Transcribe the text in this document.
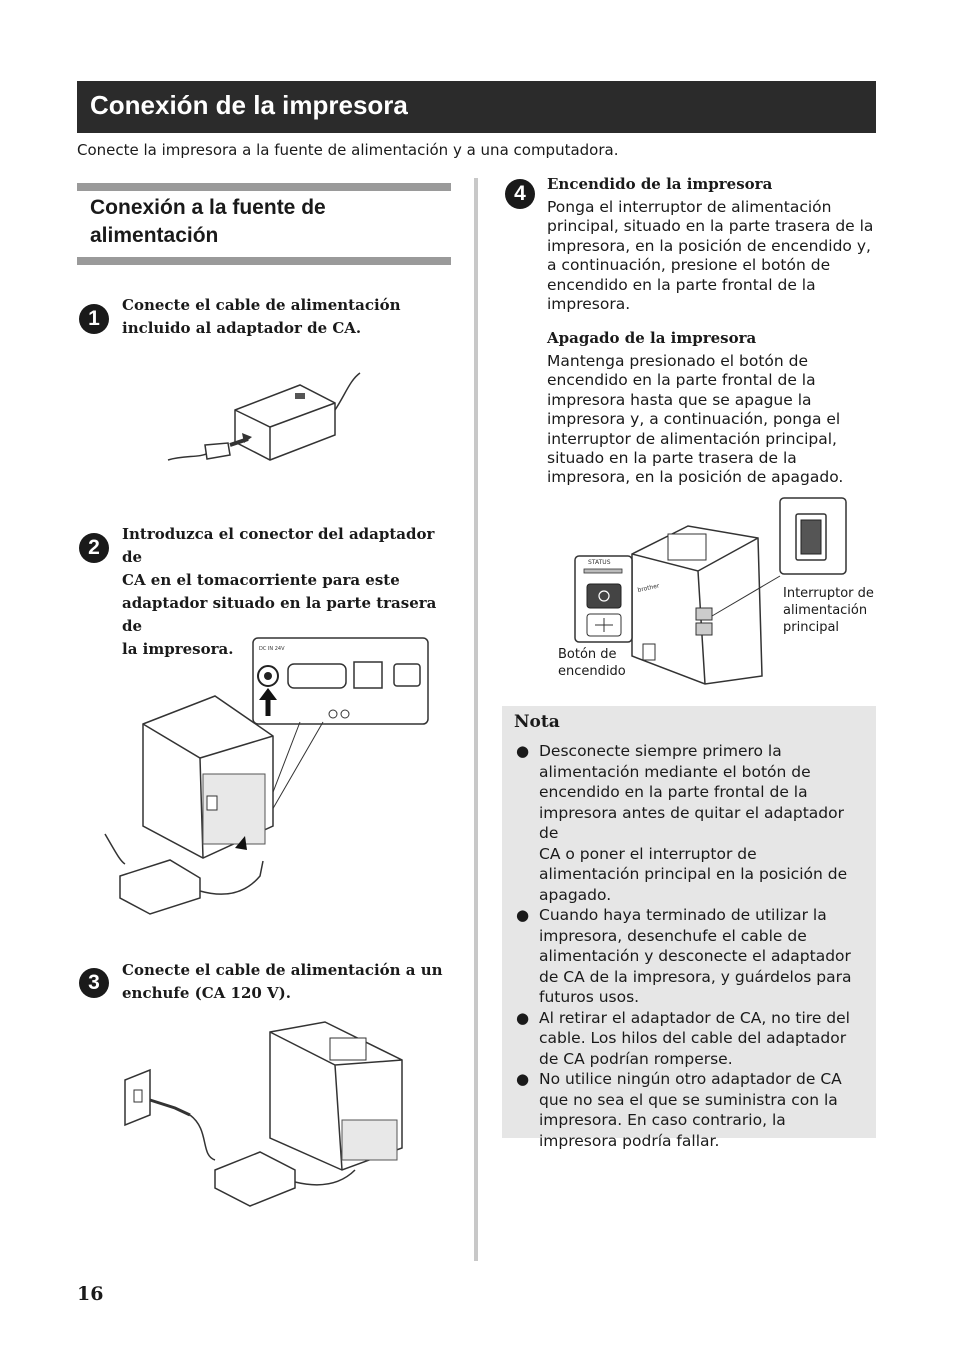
Conexión de la impresora
Conecte la impresora a la fuente de alimentación y a una computadora.
Conexión a la fuente de
alimentación
1
Conecte el cable de alimentación
incluido al adaptador de CA.
2
Introduzca el conector del adaptador de
CA en el tomacorriente para este
adaptador situado en la parte trasera de
la impresora.	DC IN 24V
3
Conecte el cable de alimentación a un
enchufe (CA 120 V).
4	Encendido de la impresora
Ponga el interruptor de alimentación
principal, situado en la parte trasera de la
impresora, en la posición de encendido y,
a continuación, presione el botón de
encendido en la parte frontal de la
impresora.
Apagado de la impresora
Mantenga presionado el botón de
encendido en la parte frontal de la
impresora hasta que se apague la
impresora y, a continuación, ponga el
interruptor de alimentación principal,
situado en la parte trasera de la
impresora, en la posición de apagado.
STATUS
brother	Interruptor de
alimentación
principal
Botón de
encendido
Nota
● Desconecte siempre primero la
alimentación mediante el botón de
encendido en la parte frontal de la
impresora antes de quitar el adaptador de
CA o poner el interruptor de
alimentación principal en la posición de
apagado.
● Cuando haya terminado de utilizar la
impresora, desenchufe el cable de
alimentación y desconecte el adaptador
de CA de la impresora, y guárdelos para
futuros usos.
● Al retirar el adaptador de CA, no tire del
cable. Los hilos del cable del adaptador
de CA podrían romperse.
● No utilice ningún otro adaptador de CA
que no sea el que se suministra con la
impresora. En caso contrario, la
impresora podría fallar.
16
